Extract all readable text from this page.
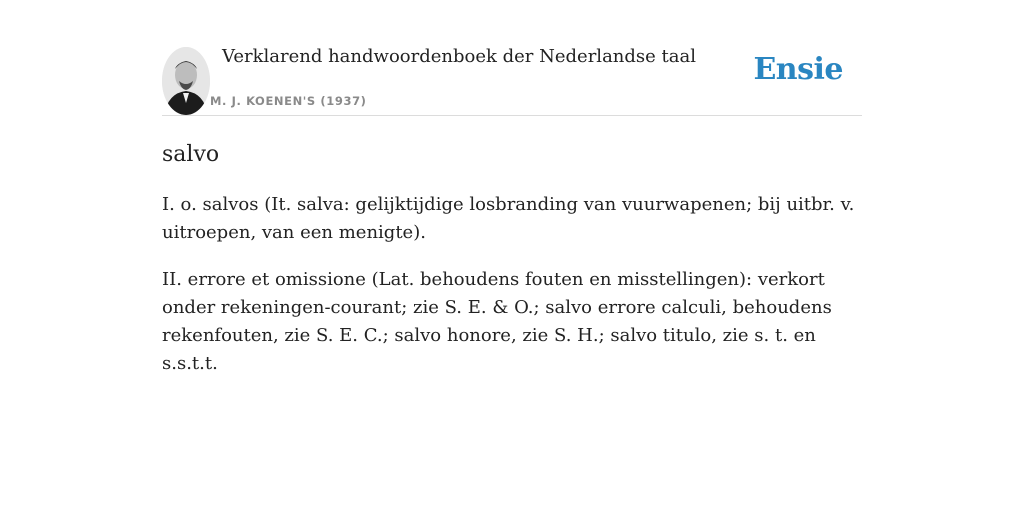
Verklarend handwoordenboek der Nederlandse taal
M. J. KOENEN'S (1937)
Ensie
salvo

I. o. salvos (It. salva: gelijktijdige losbranding van vuurwapenen; bij uitbr. v. uitroepen, van een menigte).

II. errore et omissione (Lat. behoudens fouten en misstellingen): verkort onder rekeningen-courant; zie S. E. & O.; salvo errore calculi, behoudens rekenfouten, zie S. E. C.; salvo honore, zie S. H.; salvo titulo, zie s. t. en s.s.t.t.
